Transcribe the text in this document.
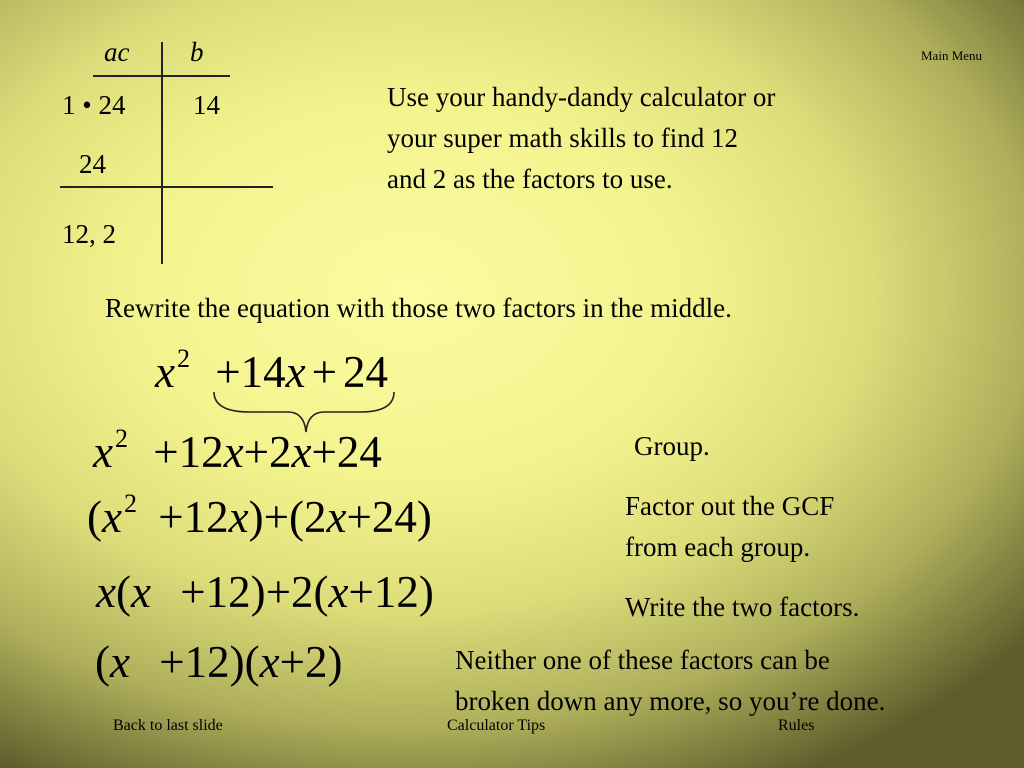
ac b
1 • 24	14
24
12, 2
Main Menu
Use your handy-dandy calculator or
your super math skills to find 12
and 2 as the factors to use.
Rewrite the equation with those two factors in the middle.
$x^2 +14x + 24$
$x^2 +12x+2x+24$	Group.
$(x^2 +12x)+(2x+24)$	Factor out the GCF
from each group.
x(x +12)+2(x+12)	Write the two factors.
(x +12)(x+2)	Neither one of these factors can be
broken down any more, so you’re done.
Back to last slide	Calculator Tips	Rules
